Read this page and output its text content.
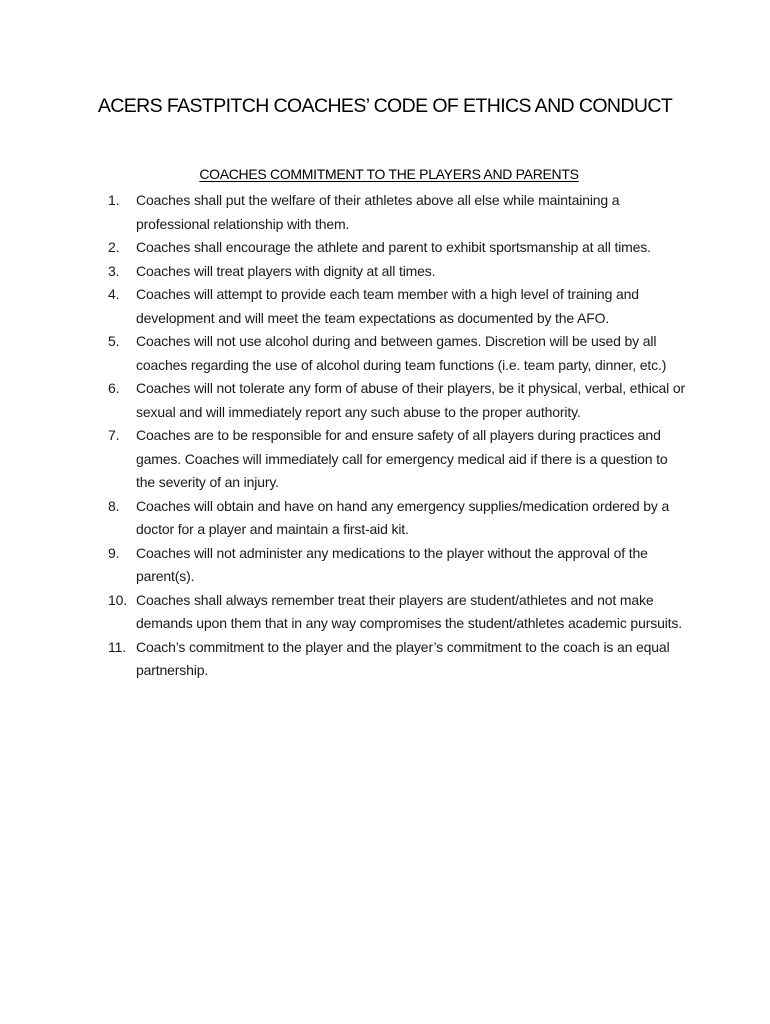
ACERS FASTPITCH COACHES’ CODE OF ETHICS AND CONDUCT
COACHES COMMITMENT TO THE PLAYERS AND PARENTS
1.	Coaches shall put the welfare of their athletes above all else while maintaining a professional relationship with them.
2.	Coaches shall encourage the athlete and parent to exhibit sportsmanship at all times.
3.	Coaches will treat players with dignity at all times.
4.	Coaches will attempt to provide each team member with a high level of training and development and will meet the team expectations as documented by the AFO.
5.	Coaches will not use alcohol during and between games. Discretion will be used by all coaches regarding the use of alcohol during team functions (i.e. team party, dinner, etc.)
6.	Coaches will not tolerate any form of abuse of their players, be it physical, verbal, ethical or sexual and will immediately report any such abuse to the proper authority.
7.	Coaches are to be responsible for and ensure safety of all players during practices and games. Coaches will immediately call for emergency medical aid if there is a question to the severity of an injury.
8.	Coaches will obtain and have on hand any emergency supplies/medication ordered by a doctor for a player and maintain a first-aid kit.
9.	Coaches will not administer any medications to the player without the approval of the parent(s).
10. Coaches shall always remember treat their players are student/athletes and not make demands upon them that in any way compromises the student/athletes academic pursuits.
11. Coach’s commitment to the player and the player’s commitment to the coach is an equal partnership.
